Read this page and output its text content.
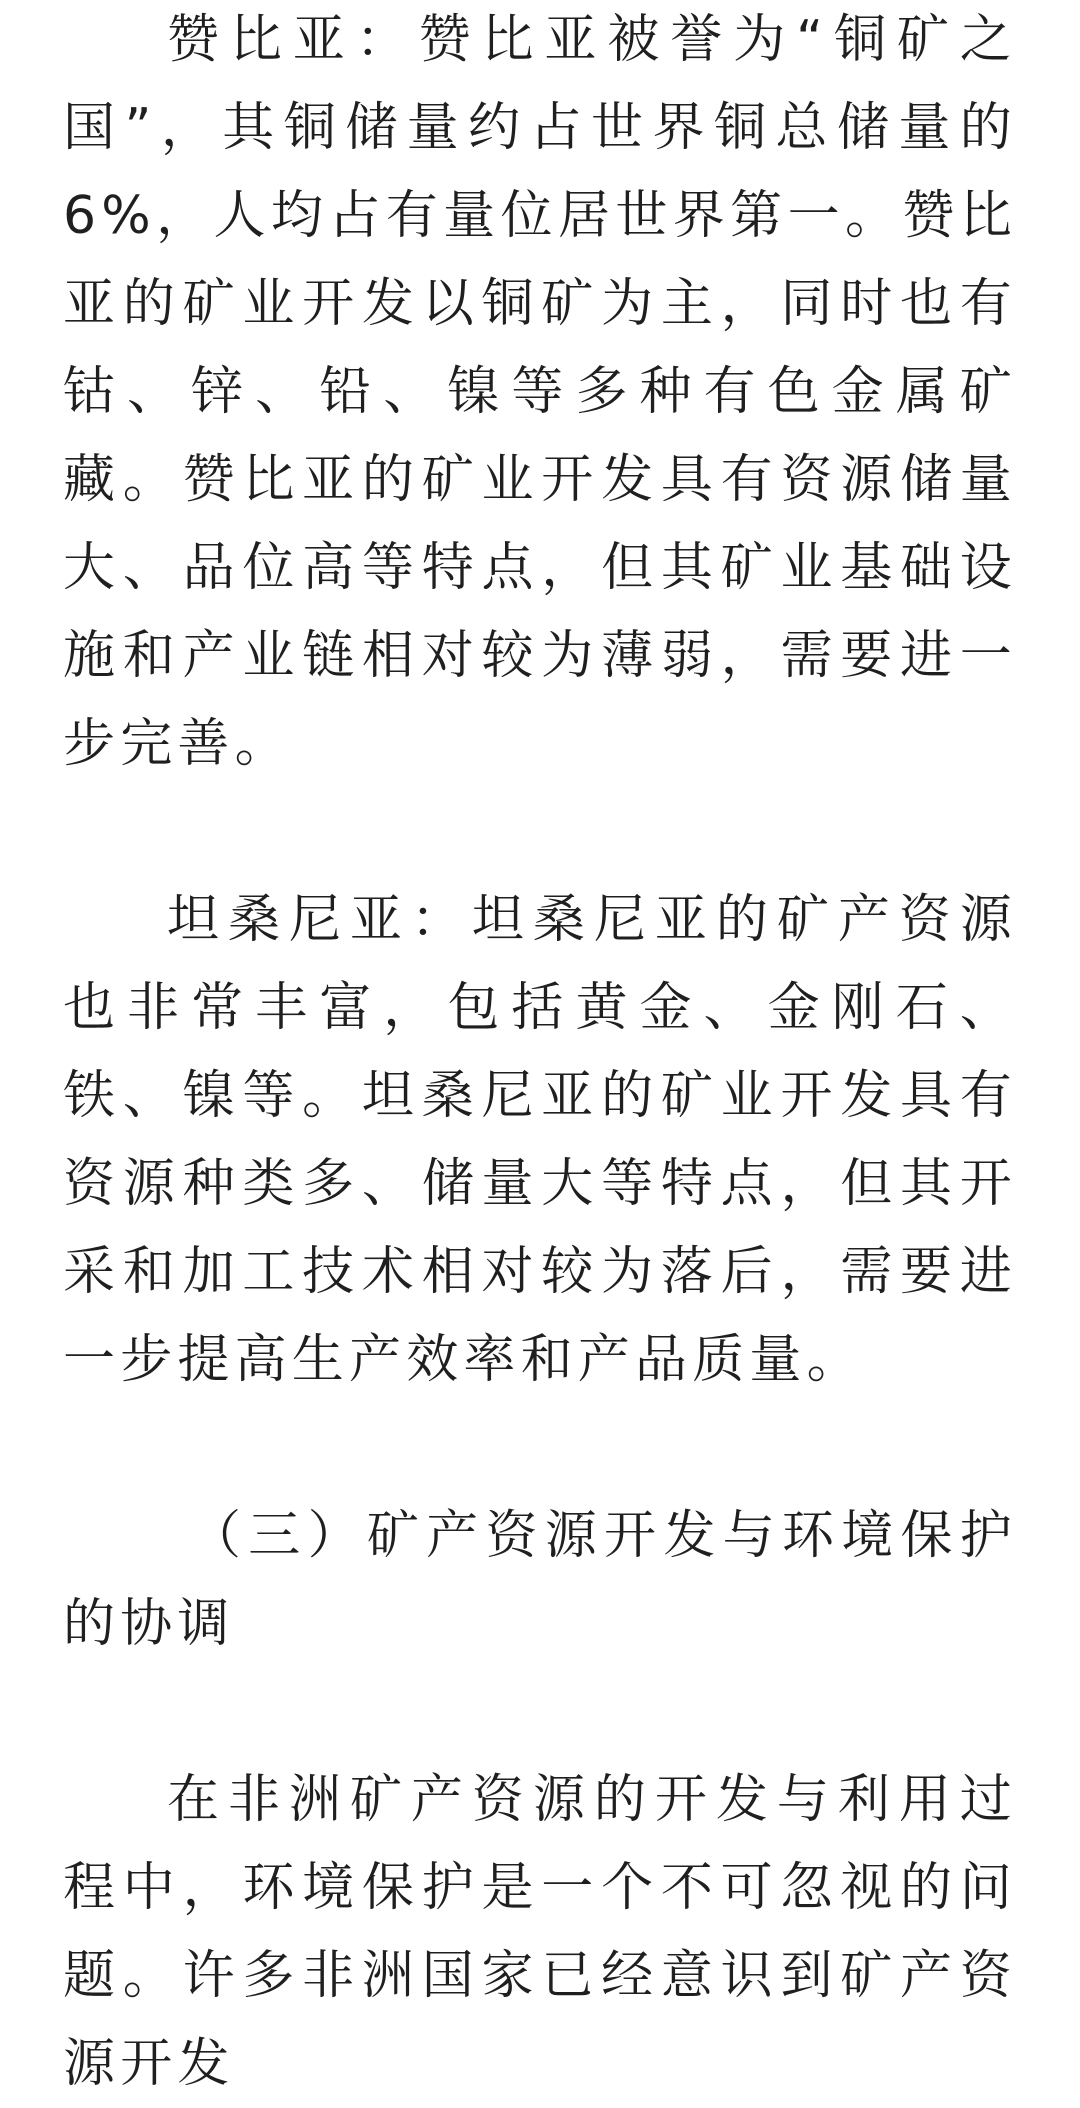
赞比亚：赞比亚被誉为“铜矿之国”，其铜储量约占世界铜总储量的6%，人均占有量位居世界第一。赞比亚的矿业开发以铜矿为主，同时也有钴、锌、铅、镍等多种有色金属矿藏。赞比亚的矿业开发具有资源储量大、品位高等特点，但其矿业基础设施和产业链相对较为薄弱，需要进一步完善。

坦桑尼亚：坦桑尼亚的矿产资源也非常丰富，包括黄金、金刚石、铁、镍等。坦桑尼亚的矿业开发具有资源种类多、储量大等特点，但其开采和加工技术相对较为落后，需要进一步提高生产效率和产品质量。

（三）矿产资源开发与环境保护的协调

在非洲矿产资源的开发与利用过程中，环境保护是一个不可忽视的问题。许多非洲国家已经意识到矿产资源开发
